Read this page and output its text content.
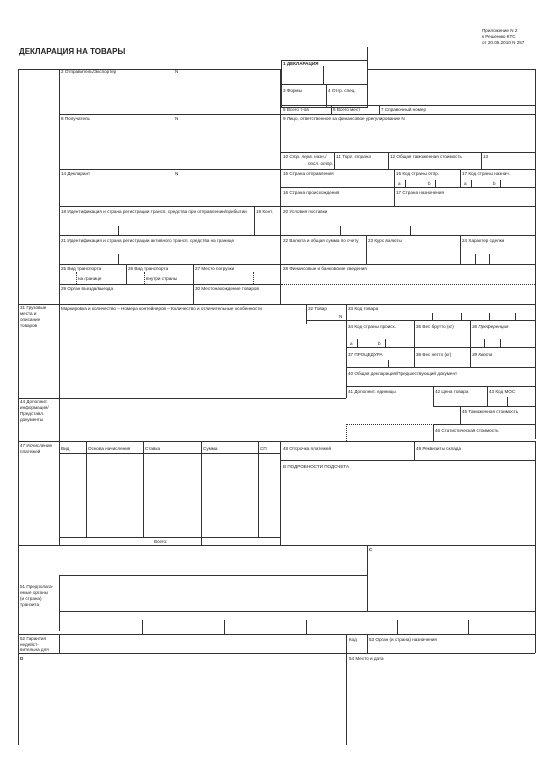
Приложение N 2
к Решению КТС
от 20.05.2010 N 257
ДЕКЛАРАЦИЯ НА ТОВАРЫ
1 ДЕКЛАРАЦИЯ
3 Формы	4 Отгр. спец.
5 Всего т-ов	6 Всего мест	7 Справочный номер
2 Отправитель/Экспортер	N
8 Получатель	N	9 Лицо, ответственное за финансовое урегулирование N
10 Стр. перв. назн./
посл. отпр.
11 Торг. страна	12 Общая таможенная стоимость	13
14 Декларант	N	15 Страна отправления	15 Код страны отпр.	17 Код страны назнач.
a	b	a	b
16 Страна происхождения	17 Страна назначения
18 Идентификация и страна регистрации трансп. средства при отправлении/прибытии 19 Конт. 20 Условия поставки
21 Идентификация и страна регистрации активного трансп. средства на границе	22 Валюта и общая сумма по счету 23 Курс валюты	24 Характер сделки
25 Вид транспорта
на границе
26 Вид транспорта
внутри страны
27 Место погрузки	28 Финансовые и банковские сведения
29 Орган въезда/выезда	30 Местонахождение товаров
31 Грузовые
места и
описание
товаров
Маркировка и количество – Номера контейнеров – Количество и отличительные особенности	32 Товар
N
33 Код товара
34 Код страны происх.	35 Вес брутто (кг)	36 Преференция
a	b
37 ПРОЦЕДУРА	38 Вес нетто (кг)	39 Квота
40 Общая декларация/Предшествующий документ
41 Дополнит. единицы	42 Цена товара	43 Код МОС
44 Дополнит.
информация/
Представл.
документы
45 Таможенная стоимость
46 Статистическая стоимость
47 Исчисление
платежей
Вид	Основа начисления	Ставка	Сумма	СП
Всего:
48 Отсрочка платежей	49 Реквизиты склада
В ПОДРОБНОСТИ ПОДСЧЕТА
С
51 Предполага-
емые органы
(и страна)
транзита
52 Гарантия
недейст-
вительна для
Код	53 Орган (и страна) назначения
D	54 Место и дата
